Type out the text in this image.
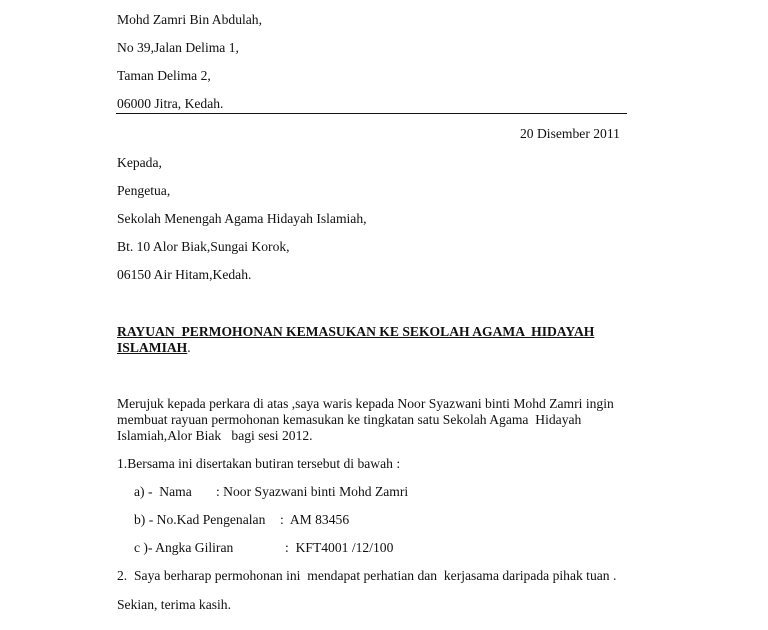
Mohd Zamri Bin Abdulah,
No 39,Jalan Delima 1,
Taman Delima 2,
06000 Jitra, Kedah.
20 Disember 2011
Kepada,
Pengetua,
Sekolah Menengah Agama Hidayah Islamiah,
Bt. 10 Alor Biak,Sungai Korok,
06150 Air Hitam,Kedah.
RAYUAN  PERMOHONAN KEMASUKAN KE SEKOLAH AGAMA  HIDAYAH
ISLAMIAH.
Merujuk kepada perkara di atas ,saya waris kepada Noor Syazwani binti Mohd Zamri ingin
membuat rayuan permohonan kemasukan ke tingkatan satu Sekolah Agama  Hidayah
Islamiah,Alor Biak   bagi sesi 2012.
1.Bersama ini disertakan butiran tersebut di bawah :
a) -  Nama : Noor Syazwani binti Mohd Zamri
b) - No.Kad Pengenalan :  AM 83456
c )- Angka Giliran	:  KFT4001 /12/100
2.  Saya berharap permohonan ini  mendapat perhatian dan  kerjasama daripada pihak tuan .
Sekian, terima kasih.
